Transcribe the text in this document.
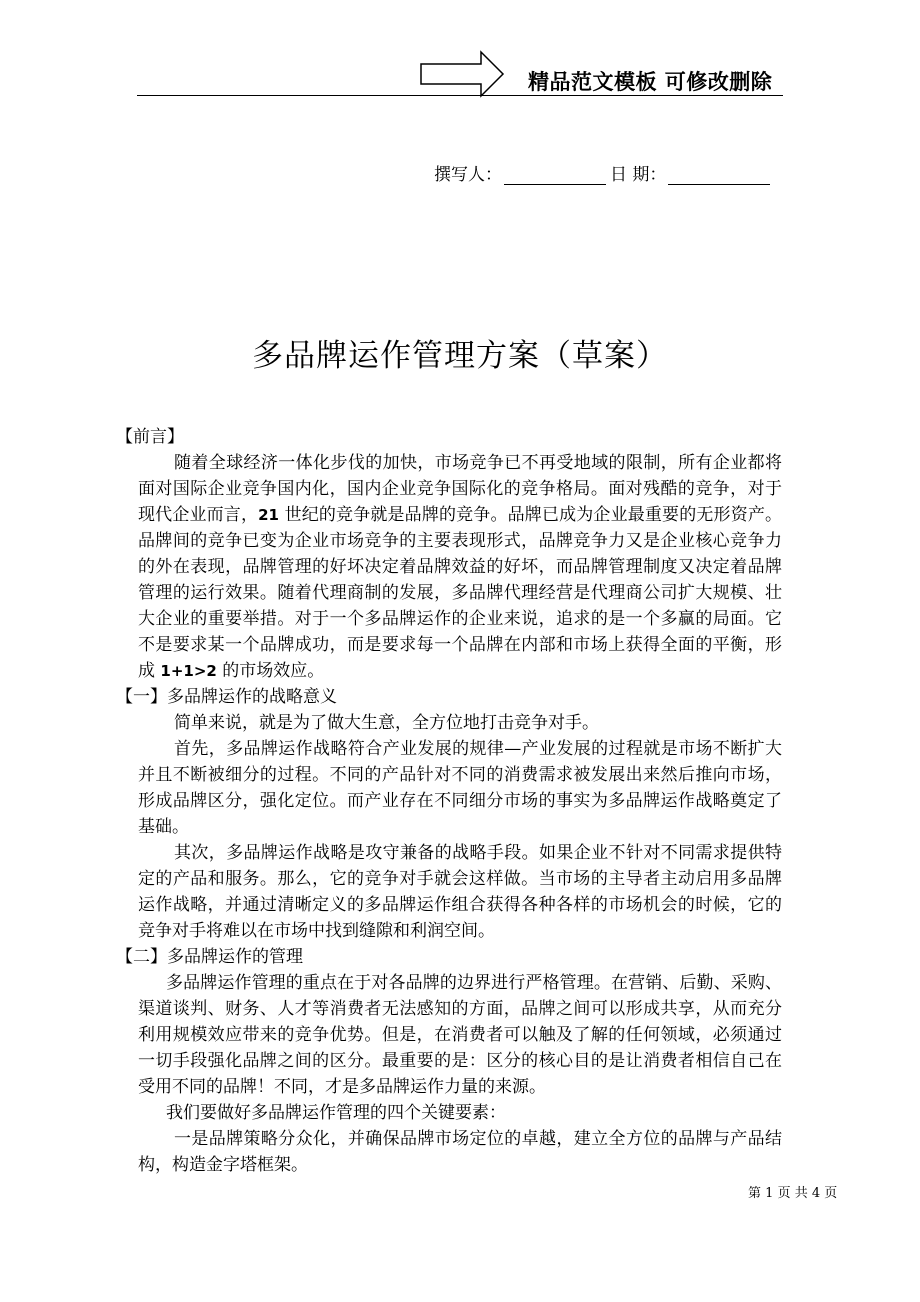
精品范文模板 可修改删除
撰写人：	日 期：
多品牌运作管理方案（草案）

【前言】

随着全球经济一体化步伐的加快，市场竞争已不再受地域的限制，所有企业都将面对国际企业竞争国内化，国内企业竞争国际化的竞争格局。面对残酷的竞争，对于现代企业而言，21 世纪的竞争就是品牌的竞争。品牌已成为企业最重要的无形资产。品牌间的竞争已变为企业市场竞争的主要表现形式，品牌竞争力又是企业核心竞争力的外在表现，品牌管理的好坏决定着品牌效益的好坏，而品牌管理制度又决定着品牌管理的运行效果。随着代理商制的发展，多品牌代理经营是代理商公司扩大规模、壮大企业的重要举措。对于一个多品牌运作的企业来说，追求的是一个多赢的局面。它不是要求某一个品牌成功，而是要求每一个品牌在内部和市场上获得全面的平衡，形成 1+1>2 的市场效应。

【一】多品牌运作的战略意义

简单来说，就是为了做大生意，全方位地打击竞争对手。

首先，多品牌运作战略符合产业发展的规律—产业发展的过程就是市场不断扩大并且不断被细分的过程。不同的产品针对不同的消费需求被发展出来然后推向市场，形成品牌区分，强化定位。而产业存在不同细分市场的事实为多品牌运作战略奠定了基础。

其次，多品牌运作战略是攻守兼备的战略手段。如果企业不针对不同需求提供特定的产品和服务。那么，它的竞争对手就会这样做。当市场的主导者主动启用多品牌运作战略，并通过清晰定义的多品牌运作组合获得各种各样的市场机会的时候，它的竞争对手将难以在市场中找到缝隙和利润空间。

【二】多品牌运作的管理

多品牌运作管理的重点在于对各品牌的边界进行严格管理。在营销、后勤、采购、渠道谈判、财务、人才等消费者无法感知的方面，品牌之间可以形成共享，从而充分利用规模效应带来的竞争优势。但是，在消费者可以触及了解的任何领域，必须通过一切手段强化品牌之间的区分。最重要的是：区分的核心目的是让消费者相信自己在受用不同的品牌！不同，才是多品牌运作力量的来源。

我们要做好多品牌运作管理的四个关键要素：

一是品牌策略分众化，并确保品牌市场定位的卓越，建立全方位的品牌与产品结构，构造金字塔框架。

第 1 页 共 4 页
